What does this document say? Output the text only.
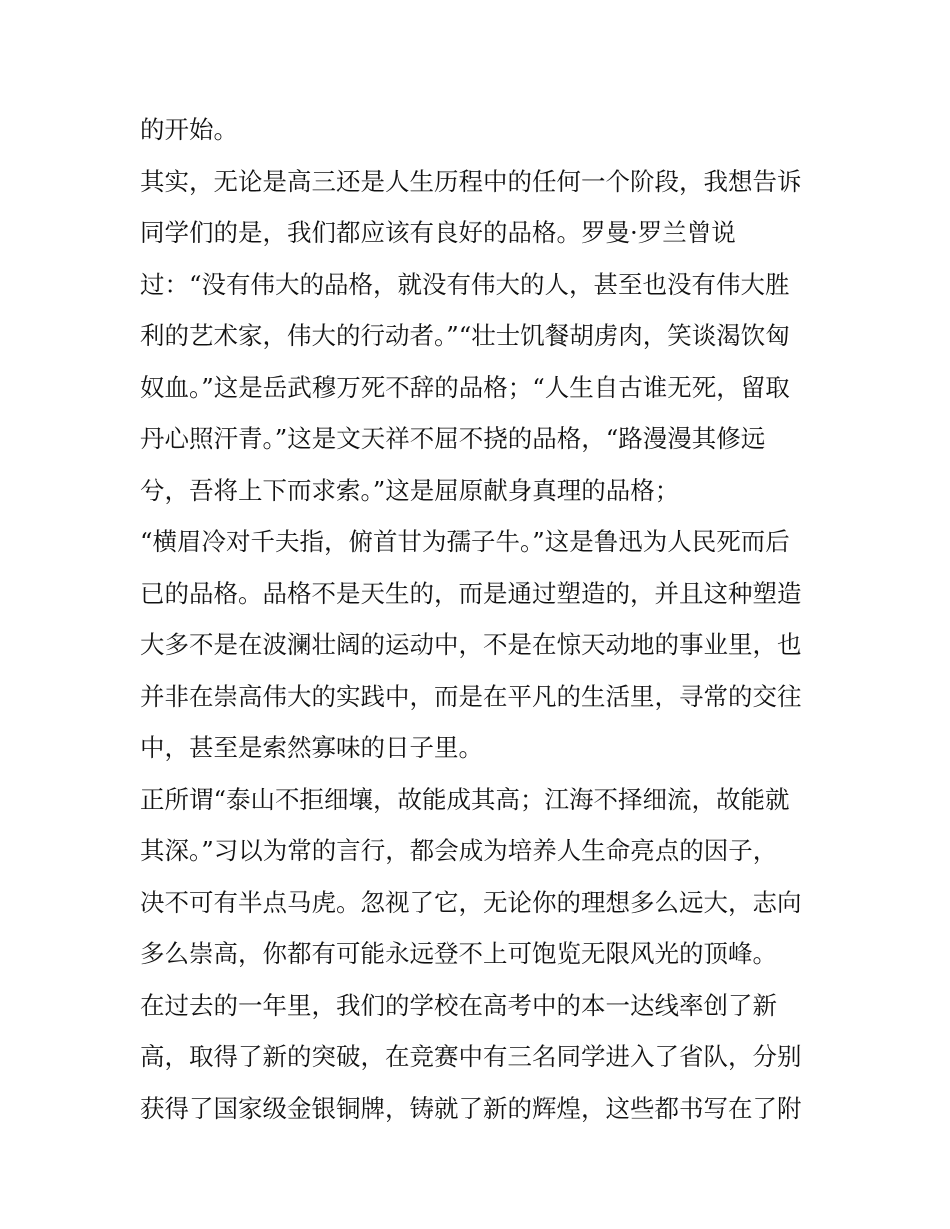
的开始。
其实，无论是高三还是人生历程中的任何一个阶段，我想告诉
同学们的是，我们都应该有良好的品格。罗曼·罗兰曾说
过：“没有伟大的品格，就没有伟大的人，甚至也没有伟大胜
利的艺术家，伟大的行动者。”“壮士饥餐胡虏肉，笑谈渴饮匈
奴血。”这是岳武穆万死不辞的品格；“人生自古谁无死，留取
丹心照汗青。”这是文天祥不屈不挠的品格，“路漫漫其修远
兮，吾将上下而求索。”这是屈原献身真理的品格；
“横眉冷对千夫指，俯首甘为孺子牛。”这是鲁迅为人民死而后
已的品格。品格不是天生的，而是通过塑造的，并且这种塑造
大多不是在波澜壮阔的运动中，不是在惊天动地的事业里，也
并非在崇高伟大的实践中，而是在平凡的生活里，寻常的交往
中，甚至是索然寡味的日子里。
正所谓“泰山不拒细壤，故能成其高；江海不择细流，故能就
其深。”习以为常的言行，都会成为培养人生命亮点的因子，
决不可有半点马虎。忽视了它，无论你的理想多么远大，志向
多么崇高，你都有可能永远登不上可饱览无限风光的顶峰。
在过去的一年里，我们的学校在高考中的本一达线率创了新
高，取得了新的突破，在竞赛中有三名同学进入了省队，分别
获得了国家级金银铜牌，铸就了新的辉煌，这些都书写在了附
